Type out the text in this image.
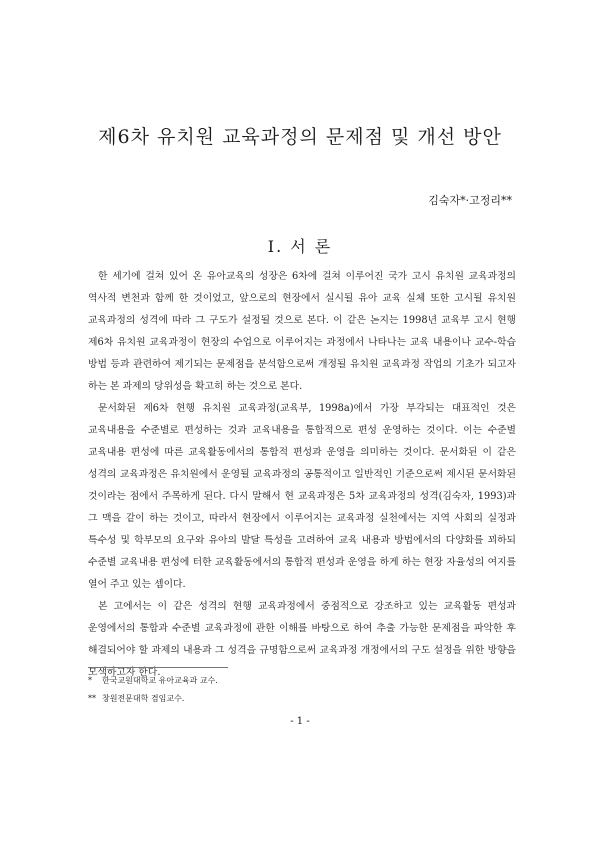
제6차 유치원 교육과정의 문제점 및 개선 방안

김숙자*·고정리**

I. 서 론

한 세기에 걸쳐 있어 온 유아교육의 성장은 6차에 걸쳐 이루어진 국가 고시 유치원 교육과정의 역사적 변천과 함께 한 것이었고, 앞으로의 현장에서 실시될 유아 교육 실체 또한 고시될 유치원 교육과정의 성격에 따라 그 구도가 설정될 것으로 본다. 이 같은 논지는 1998년 교육부 고시 현행 제6차 유치원 교육과정이 현장의 수업으로 이루어지는 과정에서 나타나는 교육 내용이나 교수-학습 방법 등과 관련하여 제기되는 문제점을 분석함으로써 개정될 유치원 교육과정 작업의 기초가 되고자 하는 본 과제의 당위성을 확고히 하는 것으로 본다.

문서화된 제6차 현행 유치원 교육과정(교육부, 1998a)에서 가장 부각되는 대표적인 것은 교육내용을 수준별로 편성하는 것과 교육내용을 통합적으로 편성 운영하는 것이다. 이는 수준별 교육내용 편성에 따른 교육활동에서의 통합적 편성과 운영을 의미하는 것이다. 문서화된 이 같은 성격의 교육과정은 유치원에서 운영될 교육과정의 공통적이고 일반적인 기준으로써 제시된 문서화된 것이라는 점에서 주목하게 된다. 다시 말해서 현 교육과정은 5차 교육과정의 성격(김숙자, 1993)과 그 맥을 같이 하는 것이고, 따라서 현장에서 이루어지는 교육과정 실천에서는 지역 사회의 실정과 특수성 및 학부모의 요구와 유아의 발달 특성을 고려하여 교육 내용과 방법에서의 다양화를 꾀하되 수준별 교육내용 편성에 터한 교육활동에서의 통합적 편성과 운영을 하게 하는 현장 자율성의 여지를 열어 주고 있는 셈이다.

본 고에서는 이 같은 성격의 현행 교육과정에서 중점적으로 강조하고 있는 교육활동 편성과 운영에서의 통합과 수준별 교육과정에 관한 이해를 바탕으로 하여 추출 가능한 문제점을 파악한 후 해결되어야 할 과제의 내용과 그 성격을 규명함으로써 교육과정 개정에서의 구도 설정을 위한 방향을 모색하고자 한다.

* 한국교원대학교 유아교육과 교수.

** 창원전문대학 겸임교수.

- 1 -
